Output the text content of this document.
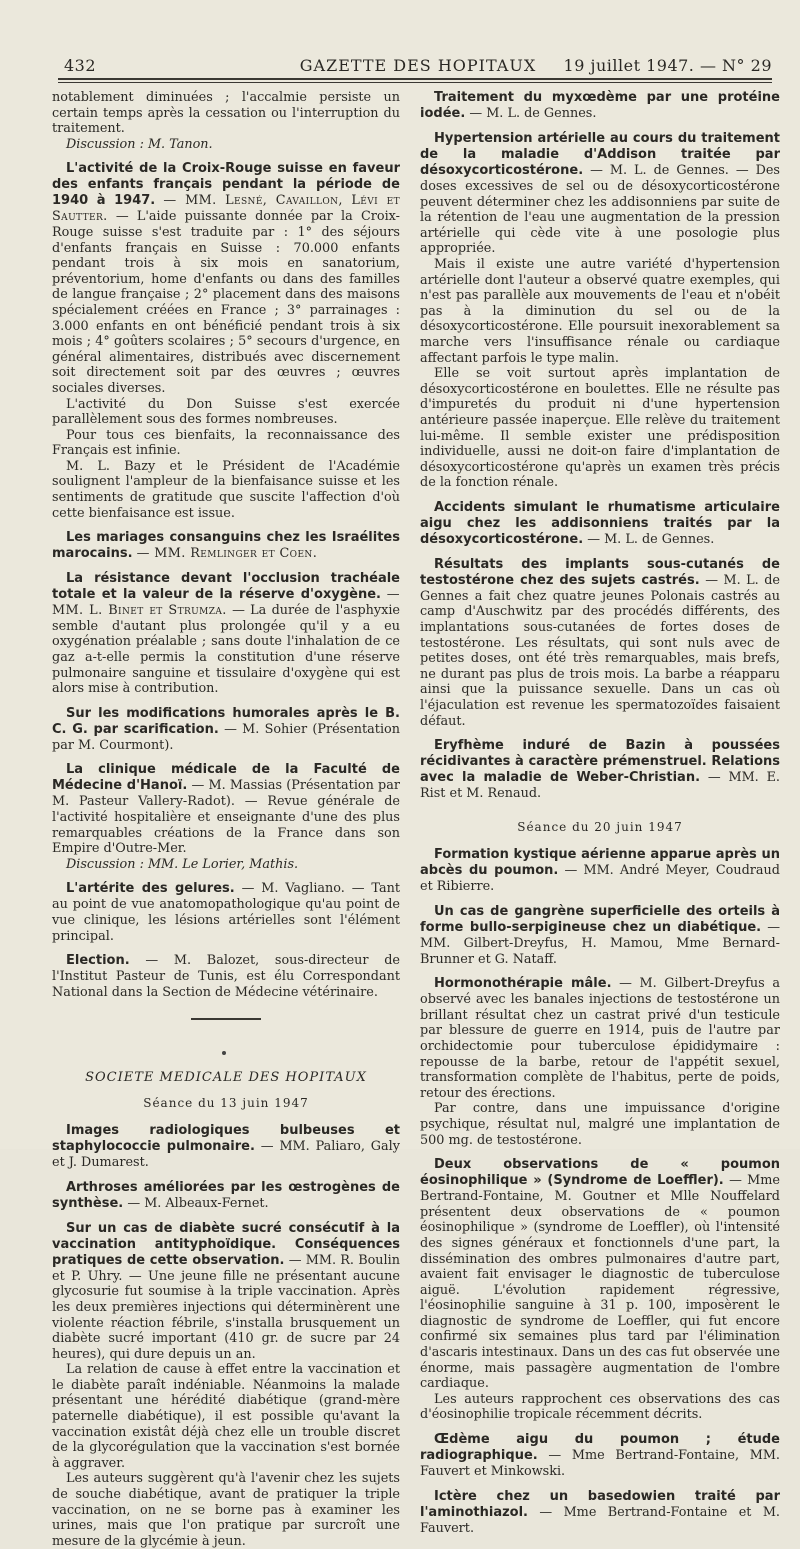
432	GAZETTE DES HOPITAUX	19 juillet 1947. — N° 29

notablement diminuées ; l'accalmie persiste un certain temps après la cessation ou l'interruption du traitement.

Discussion : M. Tanon.

L'activité de la Croix-Rouge suisse en faveur des enfants français pendant la période de 1940 à 1947. — MM. Lesné, Cavaillon, Lévi et Sautter. — L'aide puissante donnée par la Croix-Rouge suisse s'est traduite par : 1° des séjours d'enfants français en Suisse : 70.000 enfants pendant trois à six mois en sanatorium, préventorium, home d'enfants ou dans des familles de langue française ; 2° placement dans des maisons spécialement créées en France ; 3° parrainages : 3.000 enfants en ont bénéficié pendant trois à six mois ; 4° goûters scolaires ; 5° secours d'urgence, en général alimentaires, distribués avec discernement soit directement soit par des œuvres ; œuvres sociales diverses.

L'activité du Don Suisse s'est exercée parallèlement sous des formes nombreuses.

Pour tous ces bienfaits, la reconnaissance des Français est infinie.

M. L. Bazy et le Président de l'Académie soulignent l'ampleur de la bienfaisance suisse et les sentiments de gratitude que suscite l'affection d'où cette bienfaisance est issue.

Les mariages consanguins chez les Israélites marocains. — MM. Remlinger et Coen.

La résistance devant l'occlusion trachéale totale et la valeur de la réserve d'oxygène. — MM. L. Binet et Strumza. — La durée de l'asphyxie semble d'autant plus prolongée qu'il y a eu oxygénation préalable ; sans doute l'inhalation de ce gaz a-t-elle permis la constitution d'une réserve pulmonaire sanguine et tissulaire d'oxygène qui est alors mise à contribution.

Sur les modifications humorales après le B. C. G. par scarification. — M. Sohier (Présentation par M. Courmont).

La clinique médicale de la Faculté de Médecine d'Hanoï. — M. Massias (Présentation par M. Pasteur Vallery-Radot). — Revue générale de l'activité hospitalière et enseignante d'une des plus remarquables créations de la France dans son Empire d'Outre-Mer.

Discussion : MM. Le Lorier, Mathis.

L'artérite des gelures. — M. Vagliano. — Tant au point de vue anatomopathologique qu'au point de vue clinique, les lésions artérielles sont l'élément principal.

Election. — M. Balozet, sous-directeur de l'Institut Pasteur de Tunis, est élu Correspondant National dans la Section de Médecine vétérinaire.

SOCIETE MEDICALE DES HOPITAUX
Séance du 13 juin 1947

Images radiologiques bulbeuses et staphylococcie pulmonaire. — MM. Paliaro, Galy et J. Dumarest.

Arthroses améliorées par les œstrogènes de synthèse. — M. Albeaux-Fernet.

Sur un cas de diabète sucré consécutif à la vaccination antityphoïdique. Conséquences pratiques de cette observation. — MM. R. Boulin et P. Uhry. — Une jeune fille ne présentant aucune glycosurie fut soumise à la triple vaccination. Après les deux premières injections qui déterminèrent une violente réaction fébrile, s'installa brusquement un diabète sucré important (410 gr. de sucre par 24 heures), qui dure depuis un an.

La relation de cause à effet entre la vaccination et le diabète paraît indéniable. Néanmoins la malade présentant une hérédité diabétique (grand-mère paternelle diabétique), il est possible qu'avant la vaccination existât déjà chez elle un trouble discret de la glycorégulation que la vaccination s'est bornée à aggraver.

Les auteurs suggèrent qu'à l'avenir chez les sujets de souche diabétique, avant de pratiquer la triple vaccination, on ne se borne pas à examiner les urines, mais que l'on pratique par surcroît une mesure de la glycémie à jeun.

Traitement du myxœdème par une protéine iodée. — M. L. de Gennes.

Hypertension artérielle au cours du traitement de la maladie d'Addison traitée par désoxycorticostérone. — M. L. de Gennes. — Des doses excessives de sel ou de désoxycorticostérone peuvent déterminer chez les addisonniens par suite de la rétention de l'eau une augmentation de la pression artérielle qui cède vite à une posologie plus appropriée.

Mais il existe une autre variété d'hypertension artérielle dont l'auteur a observé quatre exemples, qui n'est pas parallèle aux mouvements de l'eau et n'obéit pas à la diminution du sel ou de la désoxycorticostérone. Elle poursuit inexorablement sa marche vers l'insuffisance rénale ou cardiaque affectant parfois le type malin.

Elle se voit surtout après implantation de désoxycorticostérone en boulettes. Elle ne résulte pas d'impuretés du produit ni d'une hypertension antérieure passée inaperçue. Elle relève du traitement lui-même. Il semble exister une prédisposition individuelle, aussi ne doit-on faire d'implantation de désoxycorticostérone qu'après un examen très précis de la fonction rénale.

Accidents simulant le rhumatisme articulaire aigu chez les addisonniens traités par la désoxycorticostérone. — M. L. de Gennes.

Résultats des implants sous-cutanés de testostérone chez des sujets castrés. — M. L. de Gennes a fait chez quatre jeunes Polonais castrés au camp d'Auschwitz par des procédés différents, des implantations sous-cutanées de fortes doses de testostérone. Les résultats, qui sont nuls avec de petites doses, ont été très remarquables, mais brefs, ne durant pas plus de trois mois. La barbe a réapparu ainsi que la puissance sexuelle. Dans un cas où l'éjaculation est revenue les spermatozoïdes faisaient défaut.

Eryfhème induré de Bazin à poussées récidivantes à caractère prémenstruel. Relations avec la maladie de Weber-Christian. — MM. E. Rist et M. Renaud.

Séance du 20 juin 1947

Formation kystique aérienne apparue après un abcès du poumon. — MM. André Meyer, Coudraud et Ribierre.

Un cas de gangrène superficielle des orteils à forme bullo-serpigineuse chez un diabétique. — MM. Gilbert-Dreyfus, H. Mamou, Mme Bernard-Brunner et G. Nataff.

Hormonothérapie mâle. — M. Gilbert-Dreyfus a observé avec les banales injections de testostérone un brillant résultat chez un castrat privé d'un testicule par blessure de guerre en 1914, puis de l'autre par orchidectomie pour tuberculose épididymaire : repousse de la barbe, retour de l'appétit sexuel, transformation complète de l'habitus, perte de poids, retour des érections.

Par contre, dans une impuissance d'origine psychique, résultat nul, malgré une implantation de 500 mg. de testostérone.

Deux observations de « poumon éosinophilique » (Syndrome de Loeffler). — Mme Bertrand-Fontaine, M. Goutner et Mlle Nouffelard présentent deux observations de « poumon éosinophilique » (syndrome de Loeffler), où l'intensité des signes généraux et fonctionnels d'une part, la dissémination des ombres pulmonaires d'autre part, avaient fait envisager le diagnostic de tuberculose aiguë. L'évolution rapidement régressive, l'éosinophilie sanguine à 31 p. 100, imposèrent le diagnostic de syndrome de Loeffler, qui fut encore confirmé six semaines plus tard par l'élimination d'ascaris intestinaux. Dans un des cas fut observée une énorme, mais passagère augmentation de l'ombre cardiaque.

Les auteurs rapprochent ces observations des cas d'éosinophilie tropicale récemment décrits.

Œdème aigu du poumon ; étude radiographique. — Mme Bertrand-Fontaine, MM. Fauvert et Minkowski.

Ictère chez un basedowien traité par l'aminothiazol. — Mme Bertrand-Fontaine et M. Fauvert.
